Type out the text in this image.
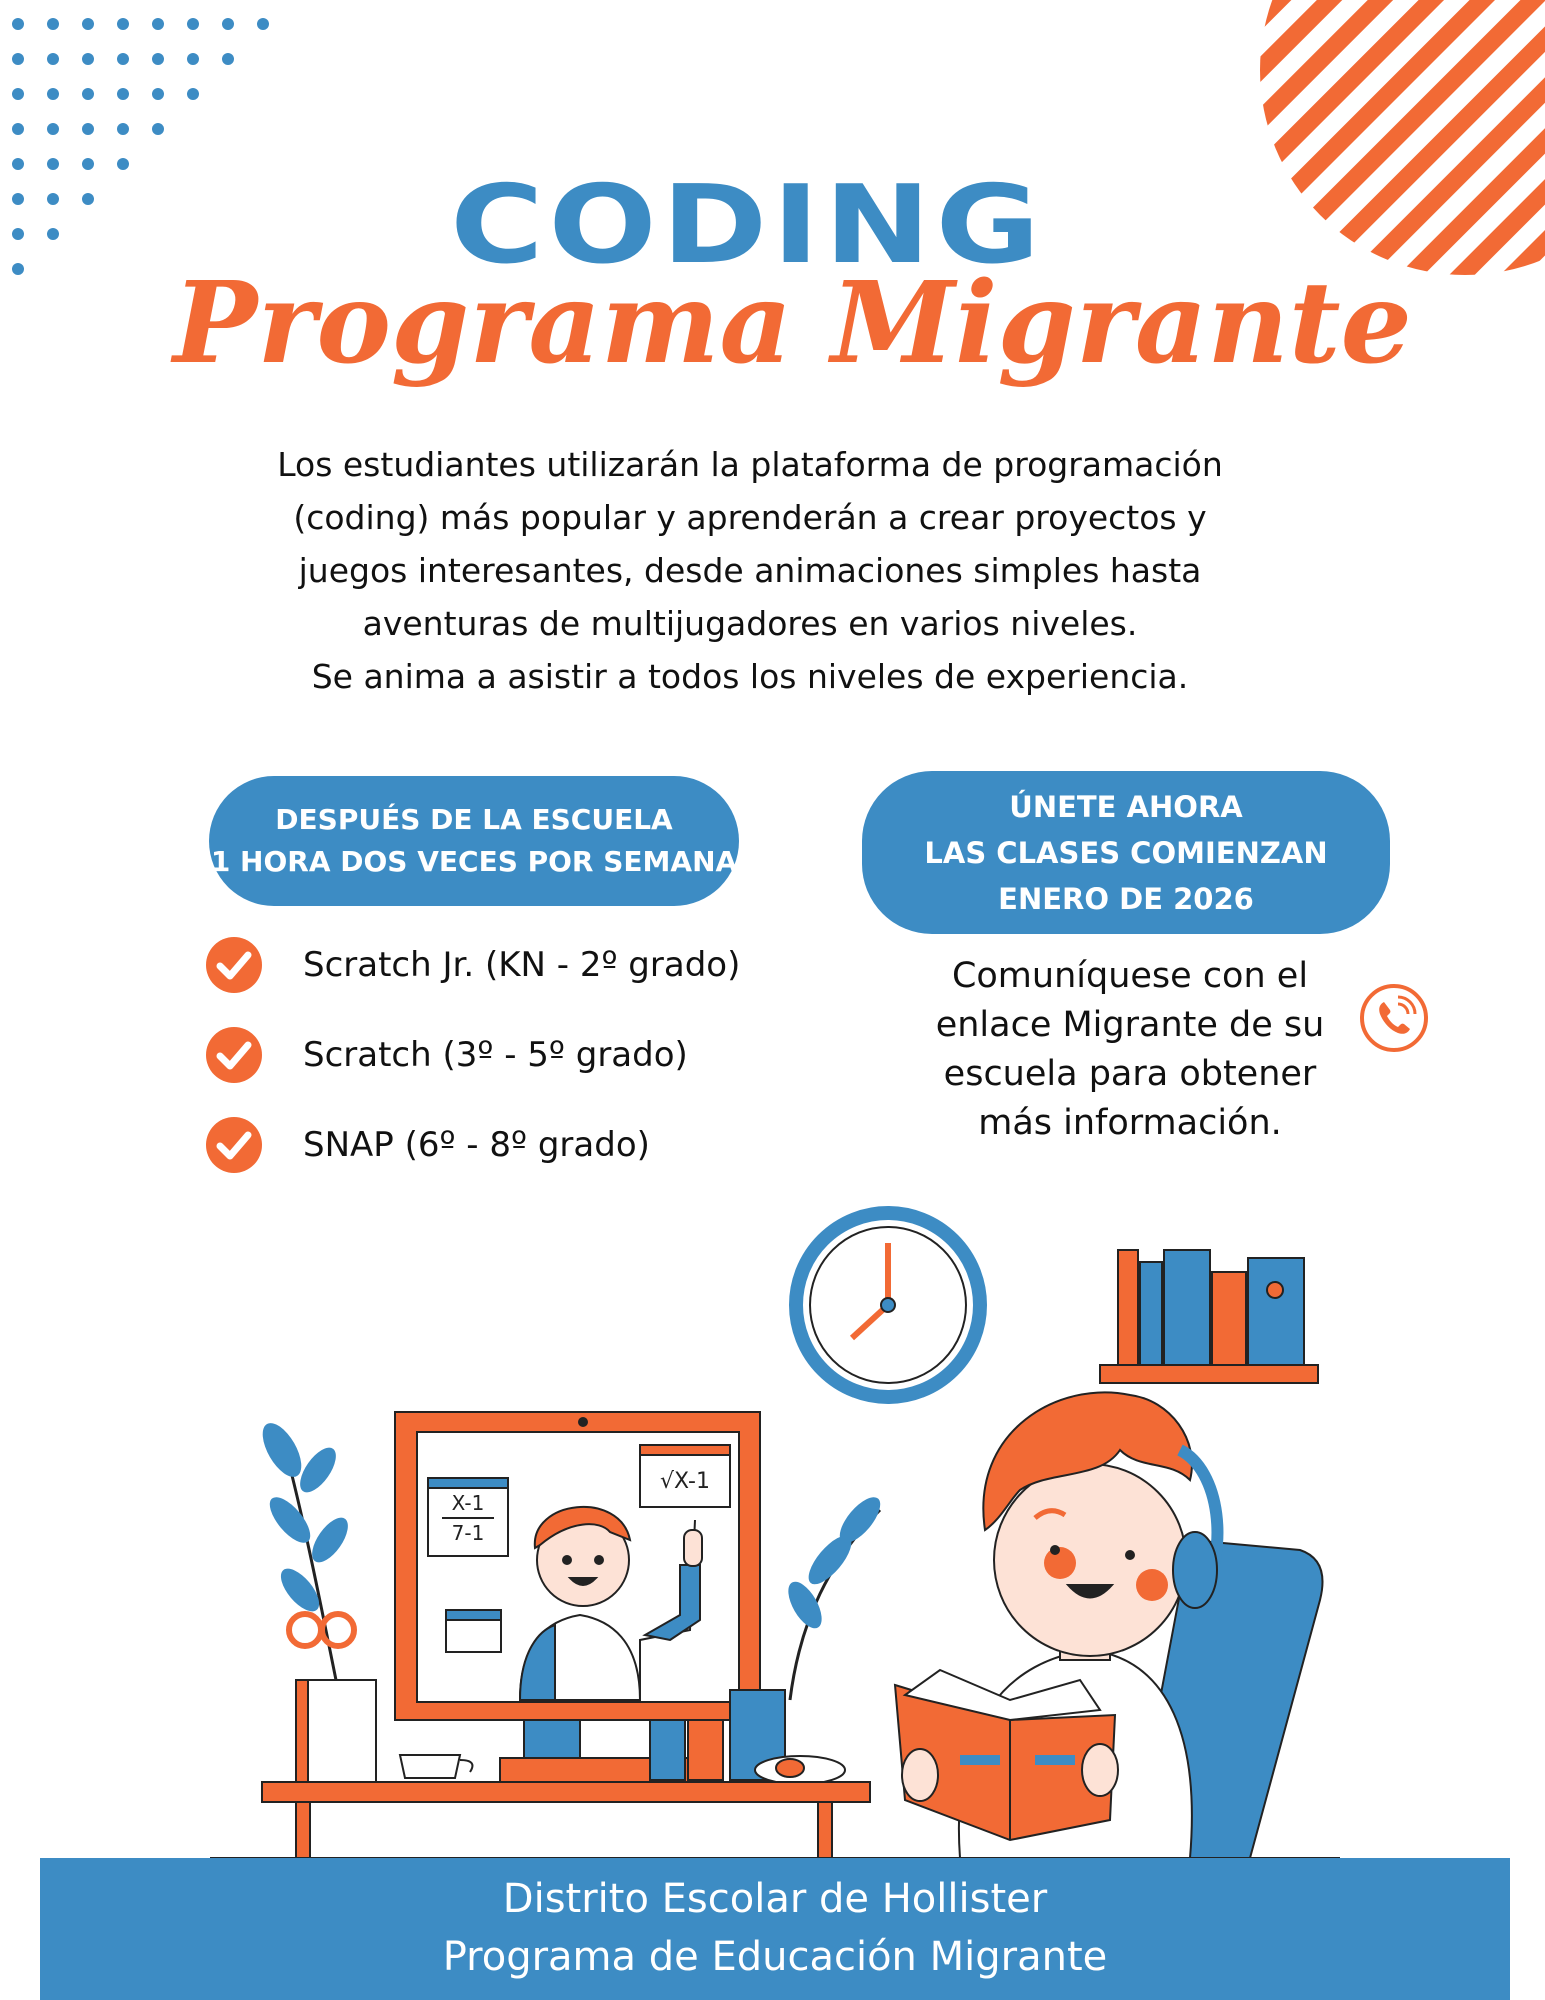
CODING
Programa Migrante

Los estudiantes utilizarán la plataforma de programación

(coding) más popular y aprenderán a crear proyectos y

juegos interesantes, desde animaciones simples hasta

aventuras de multijugadores en varios niveles.

Se anima a asistir a todos los niveles de experiencia.

DESPUÉS DE LA ESCUELA
1 HORA DOS VECES POR SEMANA
ÚNETE AHORA
LAS CLASES COMIENZAN
ENERO DE 2026
Scratch Jr. (KN - 2º grado)
Scratch (3º - 5º grado)
SNAP (6º - 8º grado)

Comuníquese con el

enlace Migrante de su

escuela para obtener

más información.

X-1
7-1
√X-1
Distrito Escolar de Hollister
Programa de Educación Migrante
